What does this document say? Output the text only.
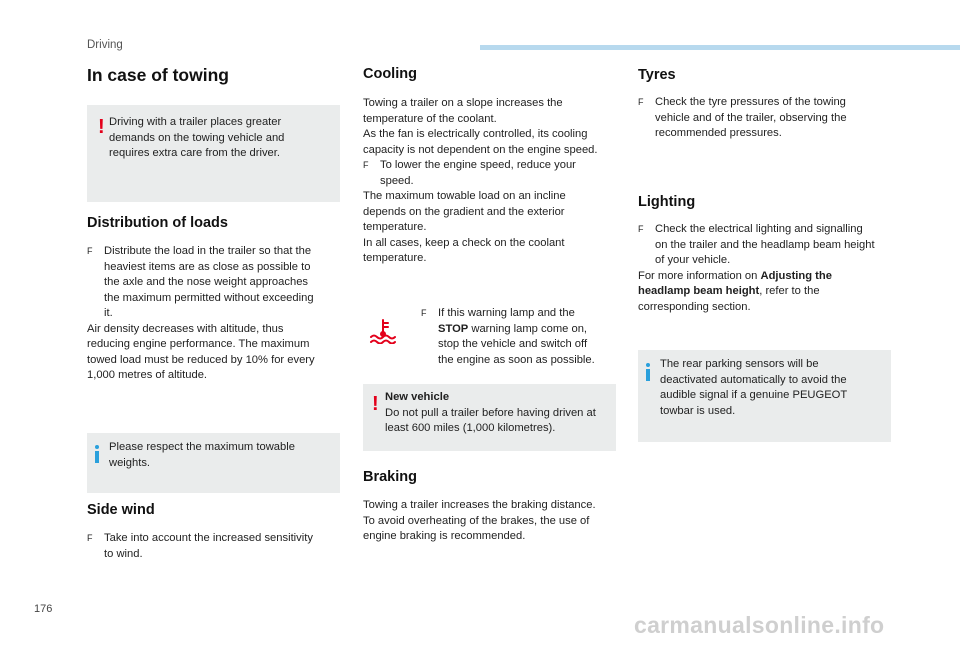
Driving
In case of towing
! Driving with a trailer places greater
demands on the towing vehicle and
requires extra care from the driver.
Distribution of loads
F Distribute the load in the trailer so that the
heaviest items are as close as possible to
the axle and the nose weight approaches
the maximum permitted without exceeding
it.
Air density decreases with altitude, thus
reducing engine performance. The maximum
towed load must be reduced by 10% for every
1,000 metres of altitude.
Please respect the maximum towable
weights.
Side wind
F Take into account the increased sensitivity
to wind.
Cooling
Towing a trailer on a slope increases the
temperature of the coolant.
As the fan is electrically controlled, its cooling
capacity is not dependent on the engine speed.
F To lower the engine speed, reduce your
speed.
The maximum towable load on an incline
depends on the gradient and the exterior
temperature.
In all cases, keep a check on the coolant
temperature.
F If this warning lamp and the
STOP warning lamp come on,
stop the vehicle and switch off
the engine as soon as possible.
! New vehicle
Do not pull a trailer before having driven at
least 600 miles (1,000 kilometres).
Braking
Towing a trailer increases the braking distance.
To avoid overheating of the brakes, the use of
engine braking is recommended.
Tyres
F Check the tyre pressures of the towing
vehicle and of the trailer, observing the
recommended pressures.
Lighting
F Check the electrical lighting and signalling
on the trailer and the headlamp beam height
of your vehicle.
For more information on Adjusting the
headlamp beam height, refer to the
corresponding section.
The rear parking sensors will be
deactivated automatically to avoid the
audible signal if a genuine PEUGEOT
towbar is used.
176
carmanualsonline.info
